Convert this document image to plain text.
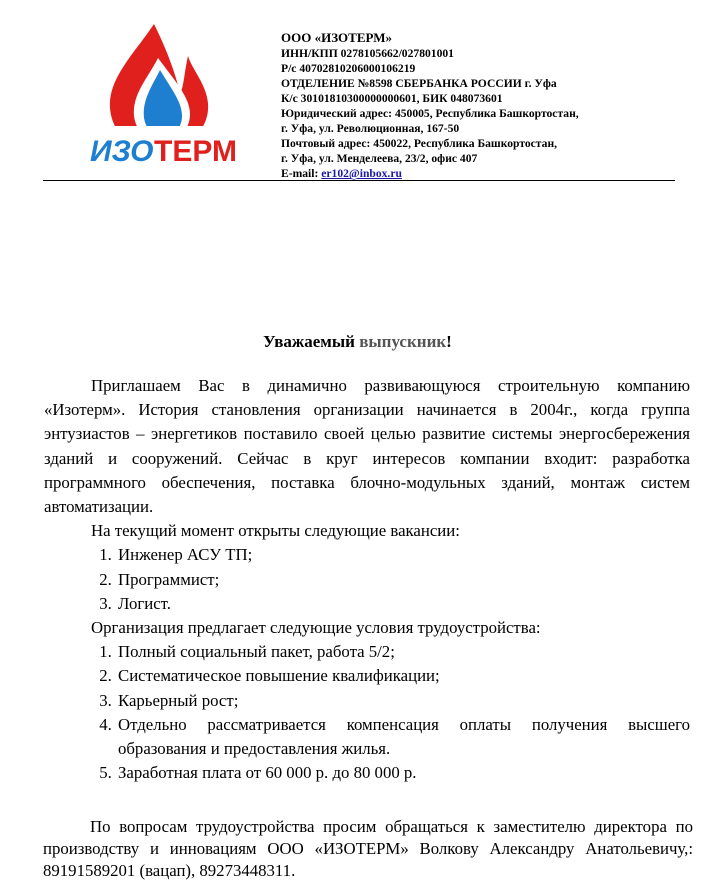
ИЗО ТЕРМ
ООО «ИЗОТЕРМ»
ИНН/КПП 0278105662/027801001
Р/с 40702810206000106219
ОТДЕЛЕНИЕ №8598 СБЕРБАНКА РОССИИ г. Уфа
К/с 30101810300000000601, БИК 048073601
Юридический адрес: 450005, Республика Башкортостан,
г. Уфа, ул. Революционная, 167-50
Почтовый адрес: 450022, Республика Башкортостан,
г. Уфа, ул. Менделеева, 23/2, офис 407
E-mail: er102@inbox.ru
Уважаемый выпускник!
Приглашаем Вас в динамично развивающуюся строительную компанию «Изотерм». История становления организации начинается в 2004г., когда группа энтузиастов – энергетиков поставило своей целью развитие системы энергосбережения зданий и сооружений. Сейчас в круг интересов компании входит: разработка программного обеспечения, поставка блочно-модульных зданий, монтаж систем автоматизации.
На текущий момент открыты следующие вакансии:
1. Инженер АСУ ТП;
2. Программист;
3. Логист.
Организация предлагает следующие условия трудоустройства:
1. Полный социальный пакет, работа 5/2;
2. Систематическое повышение квалификации;
3. Карьерный рост;
4. Отдельно рассматривается компенсация оплаты получения высшего образования и предоставления жилья.
5. Заработная плата от 60 000 р. до 80 000 р.
По вопросам трудоустройства просим обращаться к заместителю директора по производству и инновациям ООО «ИЗОТЕРМ» Волкову Александру Анатольевичу,: 89191589201 (вацап), 89273448311.
